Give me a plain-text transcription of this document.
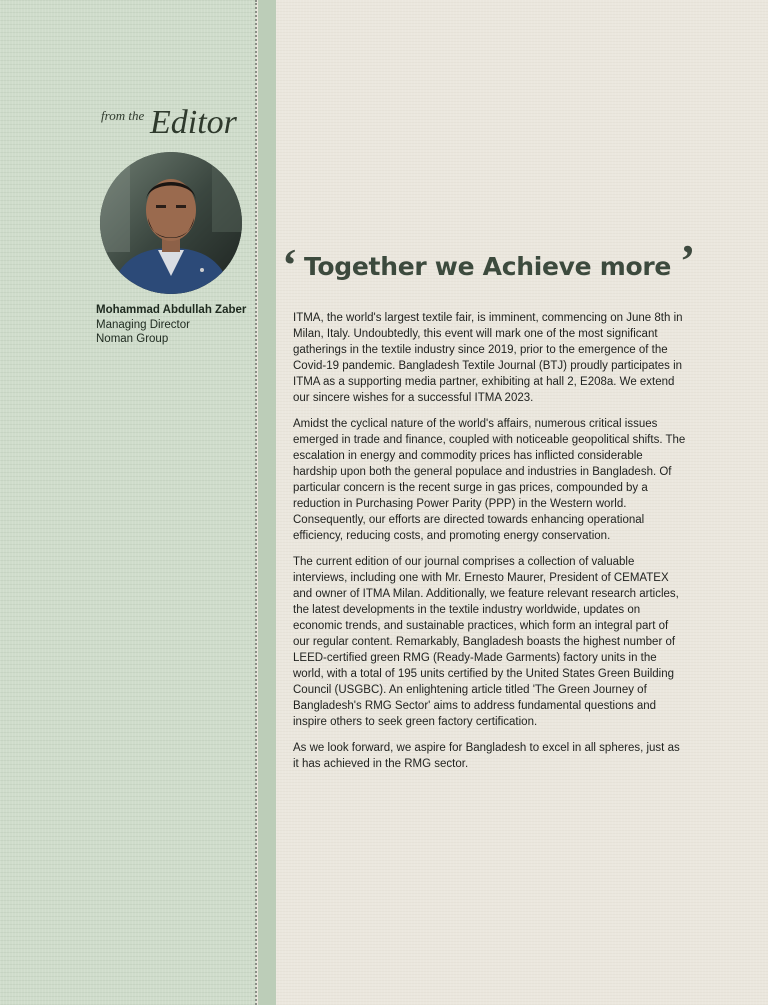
from the Editor
Mohammad Abdullah Zaber
Managing Director
Noman Group
‘ Together we Achieve more ’

ITMA, the world's largest textile fair, is imminent, commencing on June 8th in Milan, Italy. Undoubtedly, this event will mark one of the most significant gatherings in the textile industry since 2019, prior to the emergence of the Covid-19 pandemic. Bangladesh Textile Journal (BTJ) proudly participates in ITMA as a supporting media partner, exhibiting at hall 2, E208a. We extend our sincere wishes for a successful ITMA 2023.

Amidst the cyclical nature of the world's affairs, numerous critical issues emerged in trade and finance, coupled with noticeable geopolitical shifts. The escalation in energy and commodity prices has inflicted considerable hardship upon both the general populace and industries in Bangladesh. Of particular concern is the recent surge in gas prices, compounded by a reduction in Purchasing Power Parity (PPP) in the Western world. Consequently, our efforts are directed towards enhancing operational efficiency, reducing costs, and promoting energy conservation.

The current edition of our journal comprises a collection of valuable interviews, including one with Mr. Ernesto Maurer, President of CEMATEX and owner of ITMA Milan. Additionally, we feature relevant research articles, the latest developments in the textile industry worldwide, updates on economic trends, and sustainable practices, which form an integral part of our regular content. Remarkably, Bangladesh boasts the highest number of LEED-certified green RMG (Ready-Made Garments) factory units in the world, with a total of 195 units certified by the United States Green Building Council (USGBC). An enlightening article titled 'The Green Journey of Bangladesh's RMG Sector' aims to address fundamental questions and inspire others to seek green factory certification.

As we look forward, we aspire for Bangladesh to excel in all spheres, just as it has achieved in the RMG sector.
